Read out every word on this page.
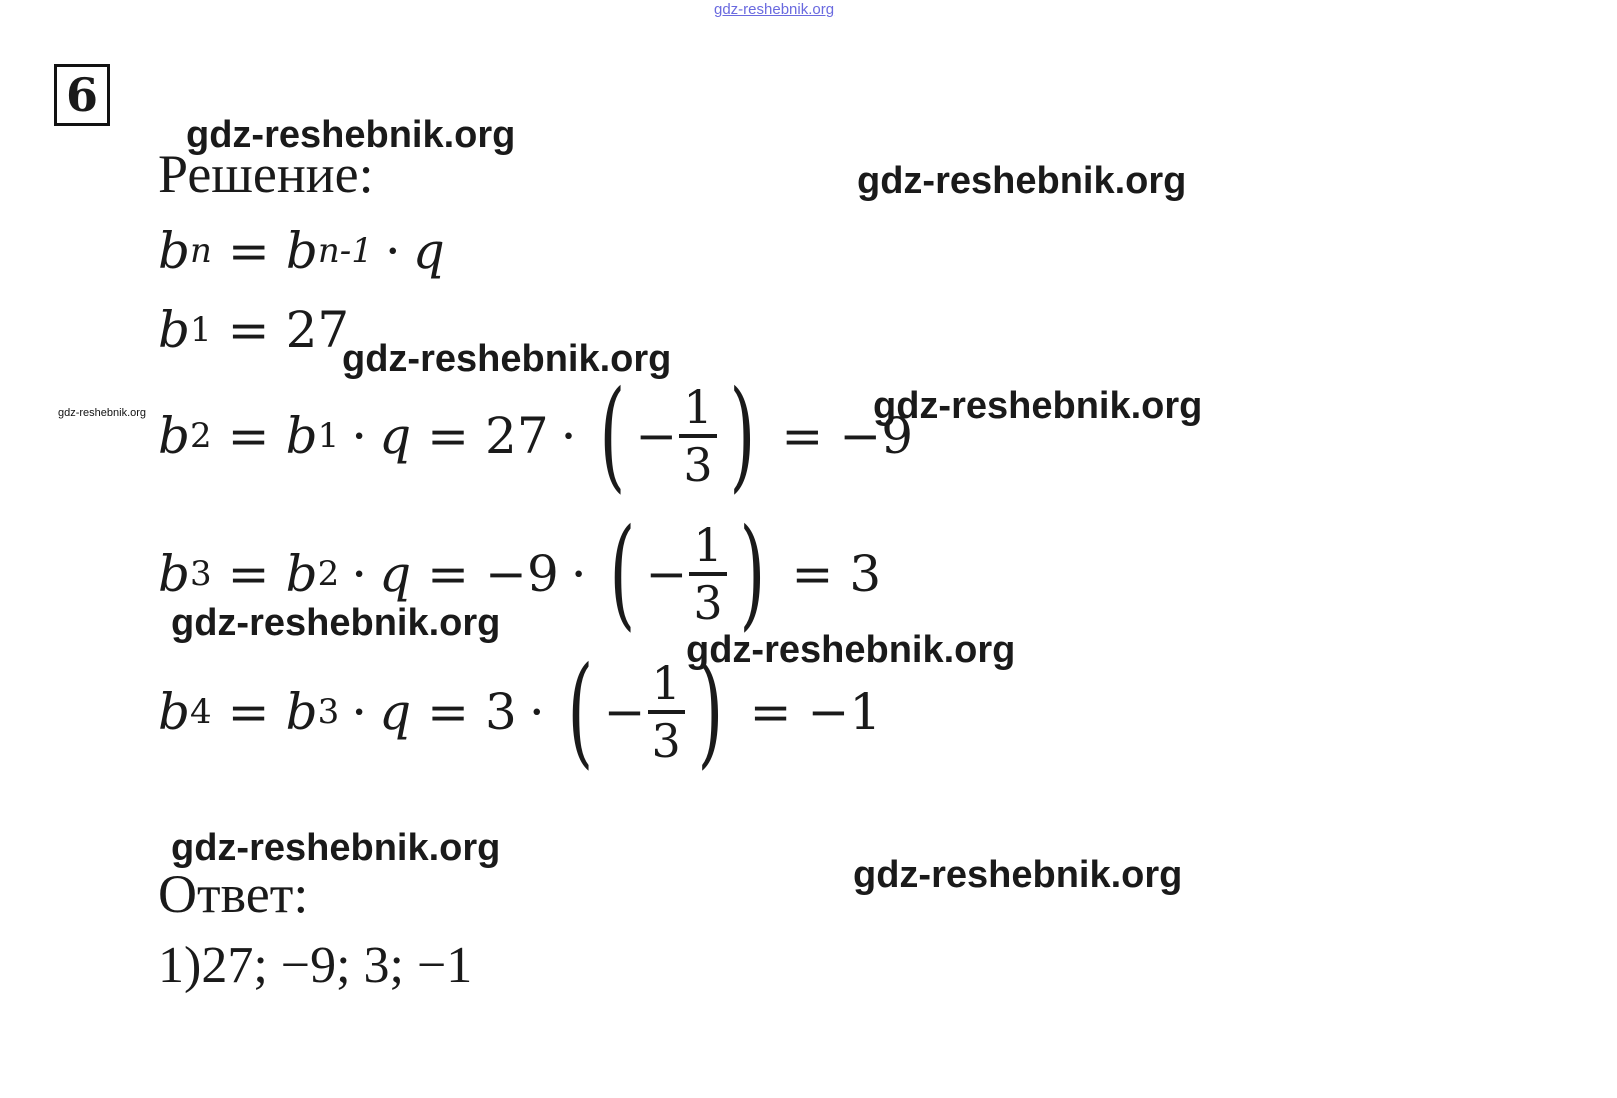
gdz-reshebnik.org
6
gdz-reshebnik.org
gdz-reshebnik.org
gdz-reshebnik.org
gdz-reshebnik.org
gdz-reshebnik.org
gdz-reshebnik.org
gdz-reshebnik.org
gdz-reshebnik.org
gdz-reshebnik.org
Решение:
b n = b n-1 · q
b 1 = 27
b 2 = b 1 · q = 27 · ( − $\frac{1}{3}$ ) = −9
b 3 = b 2 · q = −9 · ( − $\frac{1}{3}$ ) = 3
b 4 = b 3 · q = 3 · ( − $\frac{1}{3}$ ) = −1
Ответ:
1)27; −9; 3; −1
